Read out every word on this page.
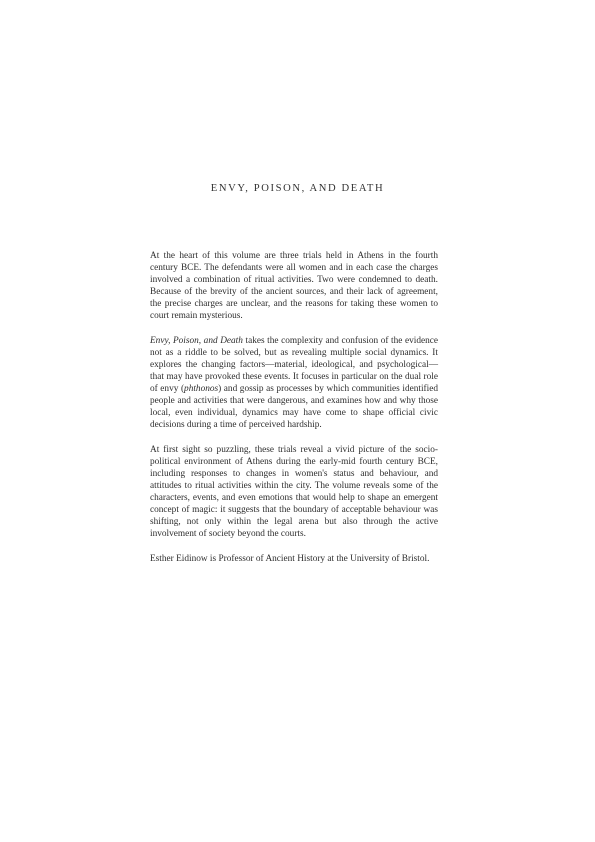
ENVY, POISON, AND DEATH

At the heart of this volume are three trials held in Athens in the fourth century BCE. The defendants were all women and in each case the charges involved a combination of ritual activities. Two were condemned to death. Because of the brevity of the ancient sources, and their lack of agreement, the precise charges are unclear, and the reasons for taking these women to court remain mysterious.

Envy, Poison, and Death takes the complexity and confusion of the evidence not as a riddle to be solved, but as revealing multiple social dynamics. It explores the changing factors—material, ideological, and psychological—that may have provoked these events. It focuses in particular on the dual role of envy (phthonos) and gossip as processes by which communities identified people and activities that were dangerous, and examines how and why those local, even individual, dynamics may have come to shape official civic decisions during a time of perceived hardship.

At first sight so puzzling, these trials reveal a vivid picture of the socio-political environment of Athens during the early-mid fourth century BCE, including responses to changes in women's status and behaviour, and attitudes to ritual activities within the city. The volume reveals some of the characters, events, and even emotions that would help to shape an emergent concept of magic: it suggests that the boundary of acceptable behaviour was shifting, not only within the legal arena but also through the active involvement of society beyond the courts.

Esther Eidinow is Professor of Ancient History at the University of Bristol.
